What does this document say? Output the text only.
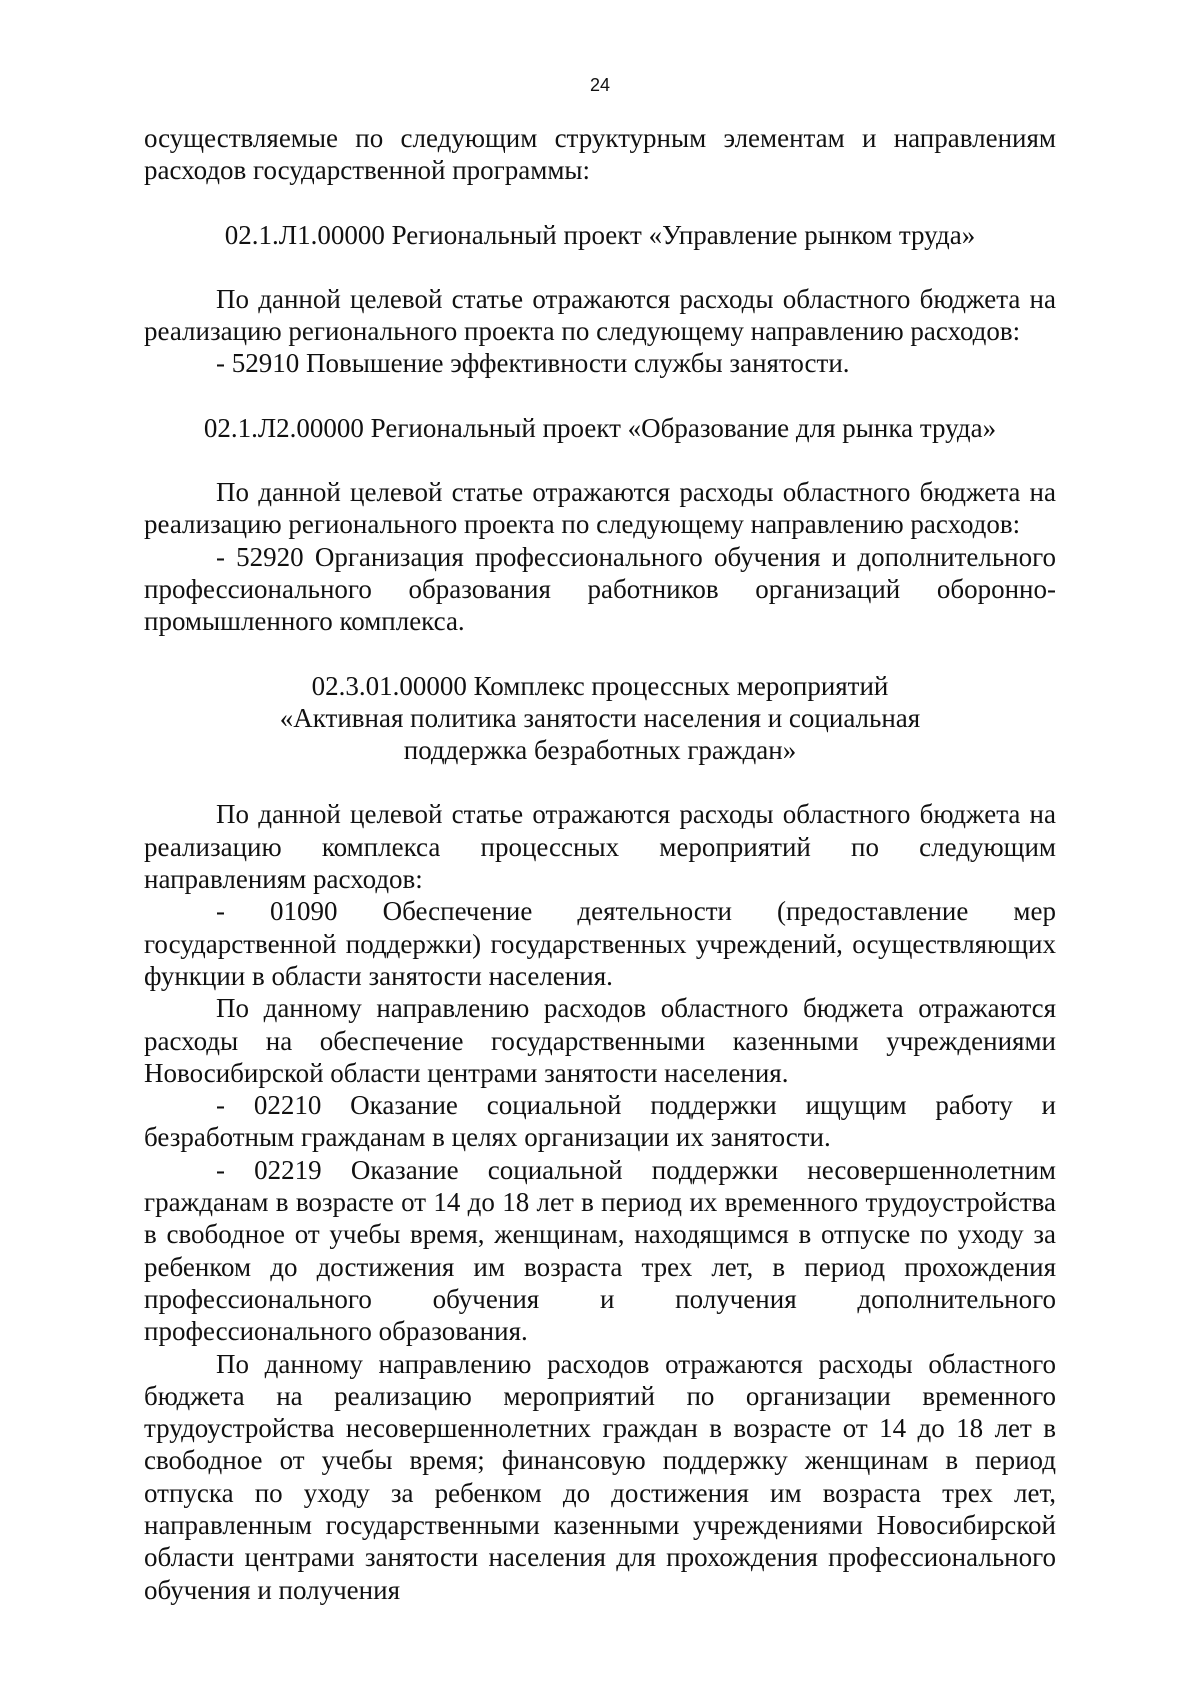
24

осуществляемые по следующим структурным элементам и направлениям расходов государственной программы:

02.1.Л1.00000 Региональный проект «Управление рынком труда»

По данной целевой статье отражаются расходы областного бюджета на реализацию регионального проекта по следующему направлению расходов:

- 52910 Повышение эффективности службы занятости.

02.1.Л2.00000 Региональный проект «Образование для рынка труда»

По данной целевой статье отражаются расходы областного бюджета на реализацию регионального проекта по следующему направлению расходов:

- 52920 Организация профессионального обучения и дополнительного профессионального образования работников организаций оборонно-промышленного комплекса.

02.3.01.00000 Комплекс процессных мероприятий

«Активная политика занятости населения и социальная

поддержка безработных граждан»

По данной целевой статье отражаются расходы областного бюджета на реализацию комплекса процессных мероприятий по следующим направлениям расходов:

- 01090 Обеспечение деятельности (предоставление мер государственной поддержки) государственных учреждений, осуществляющих функции в области занятости населения.

По данному направлению расходов областного бюджета отражаются расходы на обеспечение государственными казенными учреждениями Новосибирской области центрами занятости населения.

- 02210 Оказание социальной поддержки ищущим работу и безработным гражданам в целях организации их занятости.

- 02219 Оказание социальной поддержки несовершеннолетним гражданам в возрасте от 14 до 18 лет в период их временного трудоустройства в свободное от учебы время, женщинам, находящимся в отпуске по уходу за ребенком до достижения им возраста трех лет, в период прохождения профессионального обучения и получения дополнительного профессионального образования.

По данному направлению расходов отражаются расходы областного бюджета на реализацию мероприятий по организации временного трудоустройства несовершеннолетних граждан в возрасте от 14 до 18 лет в свободное от учебы время; финансовую поддержку женщинам в период отпуска по уходу за ребенком до достижения им возраста трех лет, направленным государственными казенными учреждениями Новосибирской области центрами занятости населения для прохождения профессионального обучения и получения
